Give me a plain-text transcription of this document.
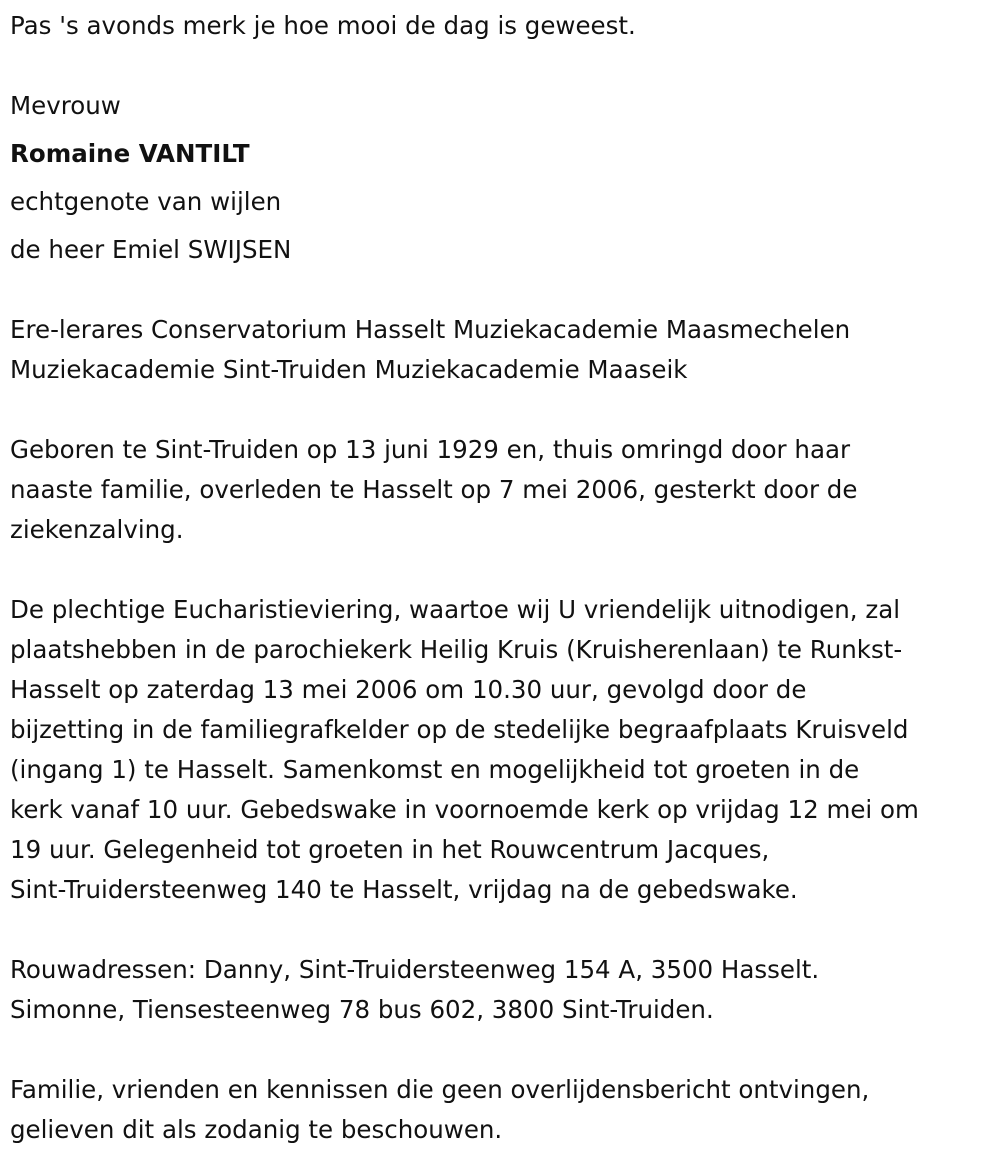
Pas 's avonds merk je hoe mooi de dag is geweest.
Mevrouw
Romaine VANTILT
echtgenote van wijlen
de heer Emiel SWIJSEN
Ere-lerares Conservatorium Hasselt Muziekacademie Maasmechelen
Muziekacademie Sint-Truiden Muziekacademie Maaseik
Geboren te Sint-Truiden op 13 juni 1929 en, thuis omringd door haar
naaste familie, overleden te Hasselt op 7 mei 2006, gesterkt door de
ziekenzalving.
De plechtige Eucharistieviering, waartoe wij U vriendelijk uitnodigen, zal
plaatshebben in de parochiekerk Heilig Kruis (Kruisherenlaan) te Runkst-
Hasselt op zaterdag 13 mei 2006 om 10.30 uur, gevolgd door de
bijzetting in de familiegrafkelder op de stedelijke begraafplaats Kruisveld
(ingang 1) te Hasselt. Samenkomst en mogelijkheid tot groeten in de
kerk vanaf 10 uur. Gebedswake in voornoemde kerk op vrijdag 12 mei om
19 uur. Gelegenheid tot groeten in het Rouwcentrum Jacques,
Sint-Truidersteenweg 140 te Hasselt, vrijdag na de gebedswake.
Rouwadressen: Danny, Sint-Truidersteenweg 154 A, 3500 Hasselt.
Simonne, Tiensesteenweg 78 bus 602, 3800 Sint-Truiden.
Familie, vrienden en kennissen die geen overlijdensbericht ontvingen,
gelieven dit als zodanig te beschouwen.
